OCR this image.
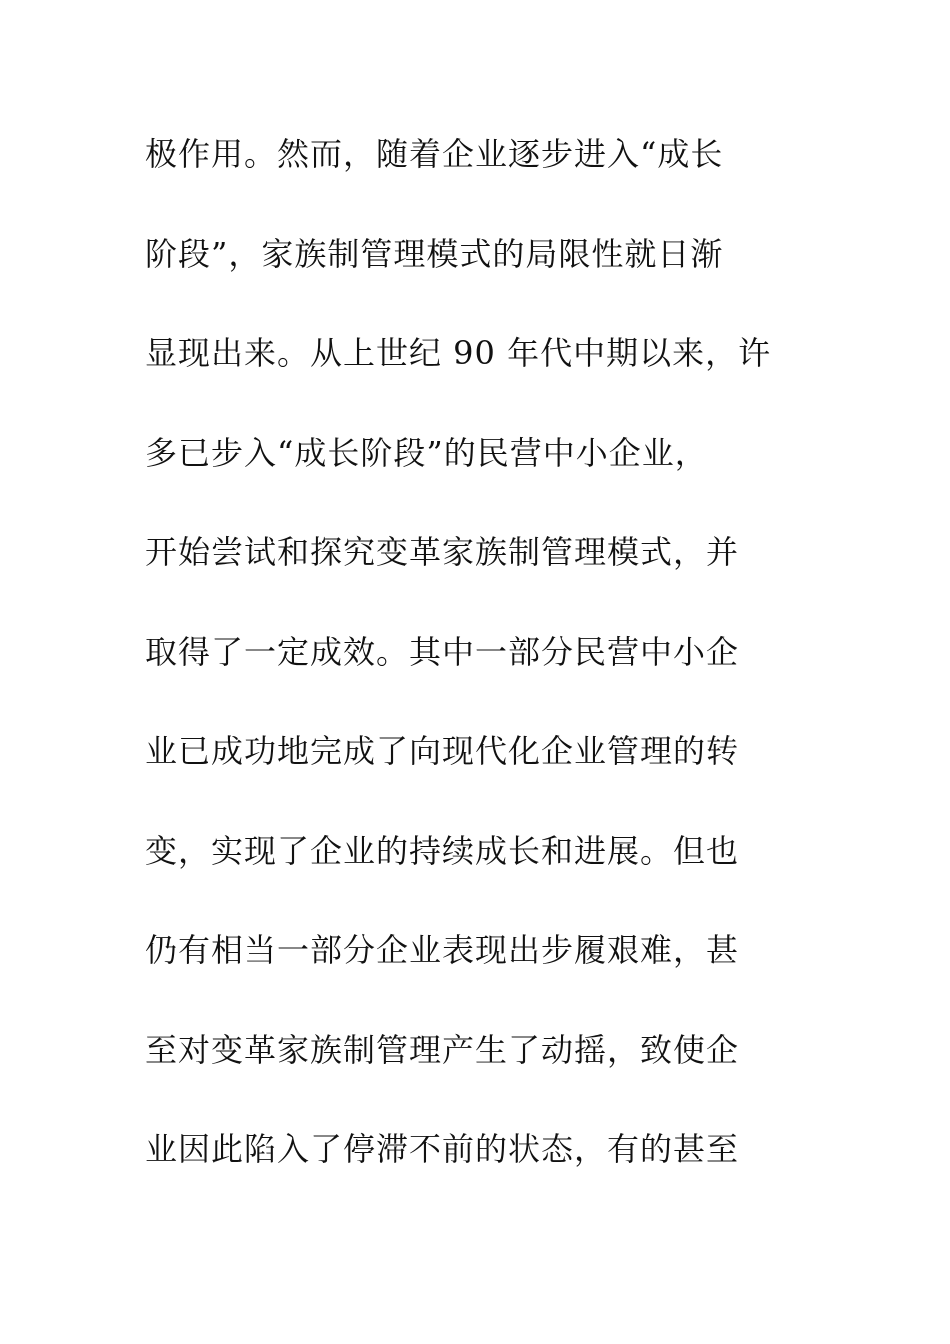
极作用。然而，随着企业逐步进入“成长
阶段”，家族制管理模式的局限性就日渐
显现出来。从上世纪 90 年代中期以来，许
多已步入“成长阶段”的民营中小企业，
开始尝试和探究变革家族制管理模式，并
取得了一定成效。其中一部分民营中小企
业已成功地完成了向现代化企业管理的转
变，实现了企业的持续成长和进展。但也
仍有相当一部分企业表现出步履艰难，甚
至对变革家族制管理产生了动摇，致使企
业因此陷入了停滞不前的状态，有的甚至
